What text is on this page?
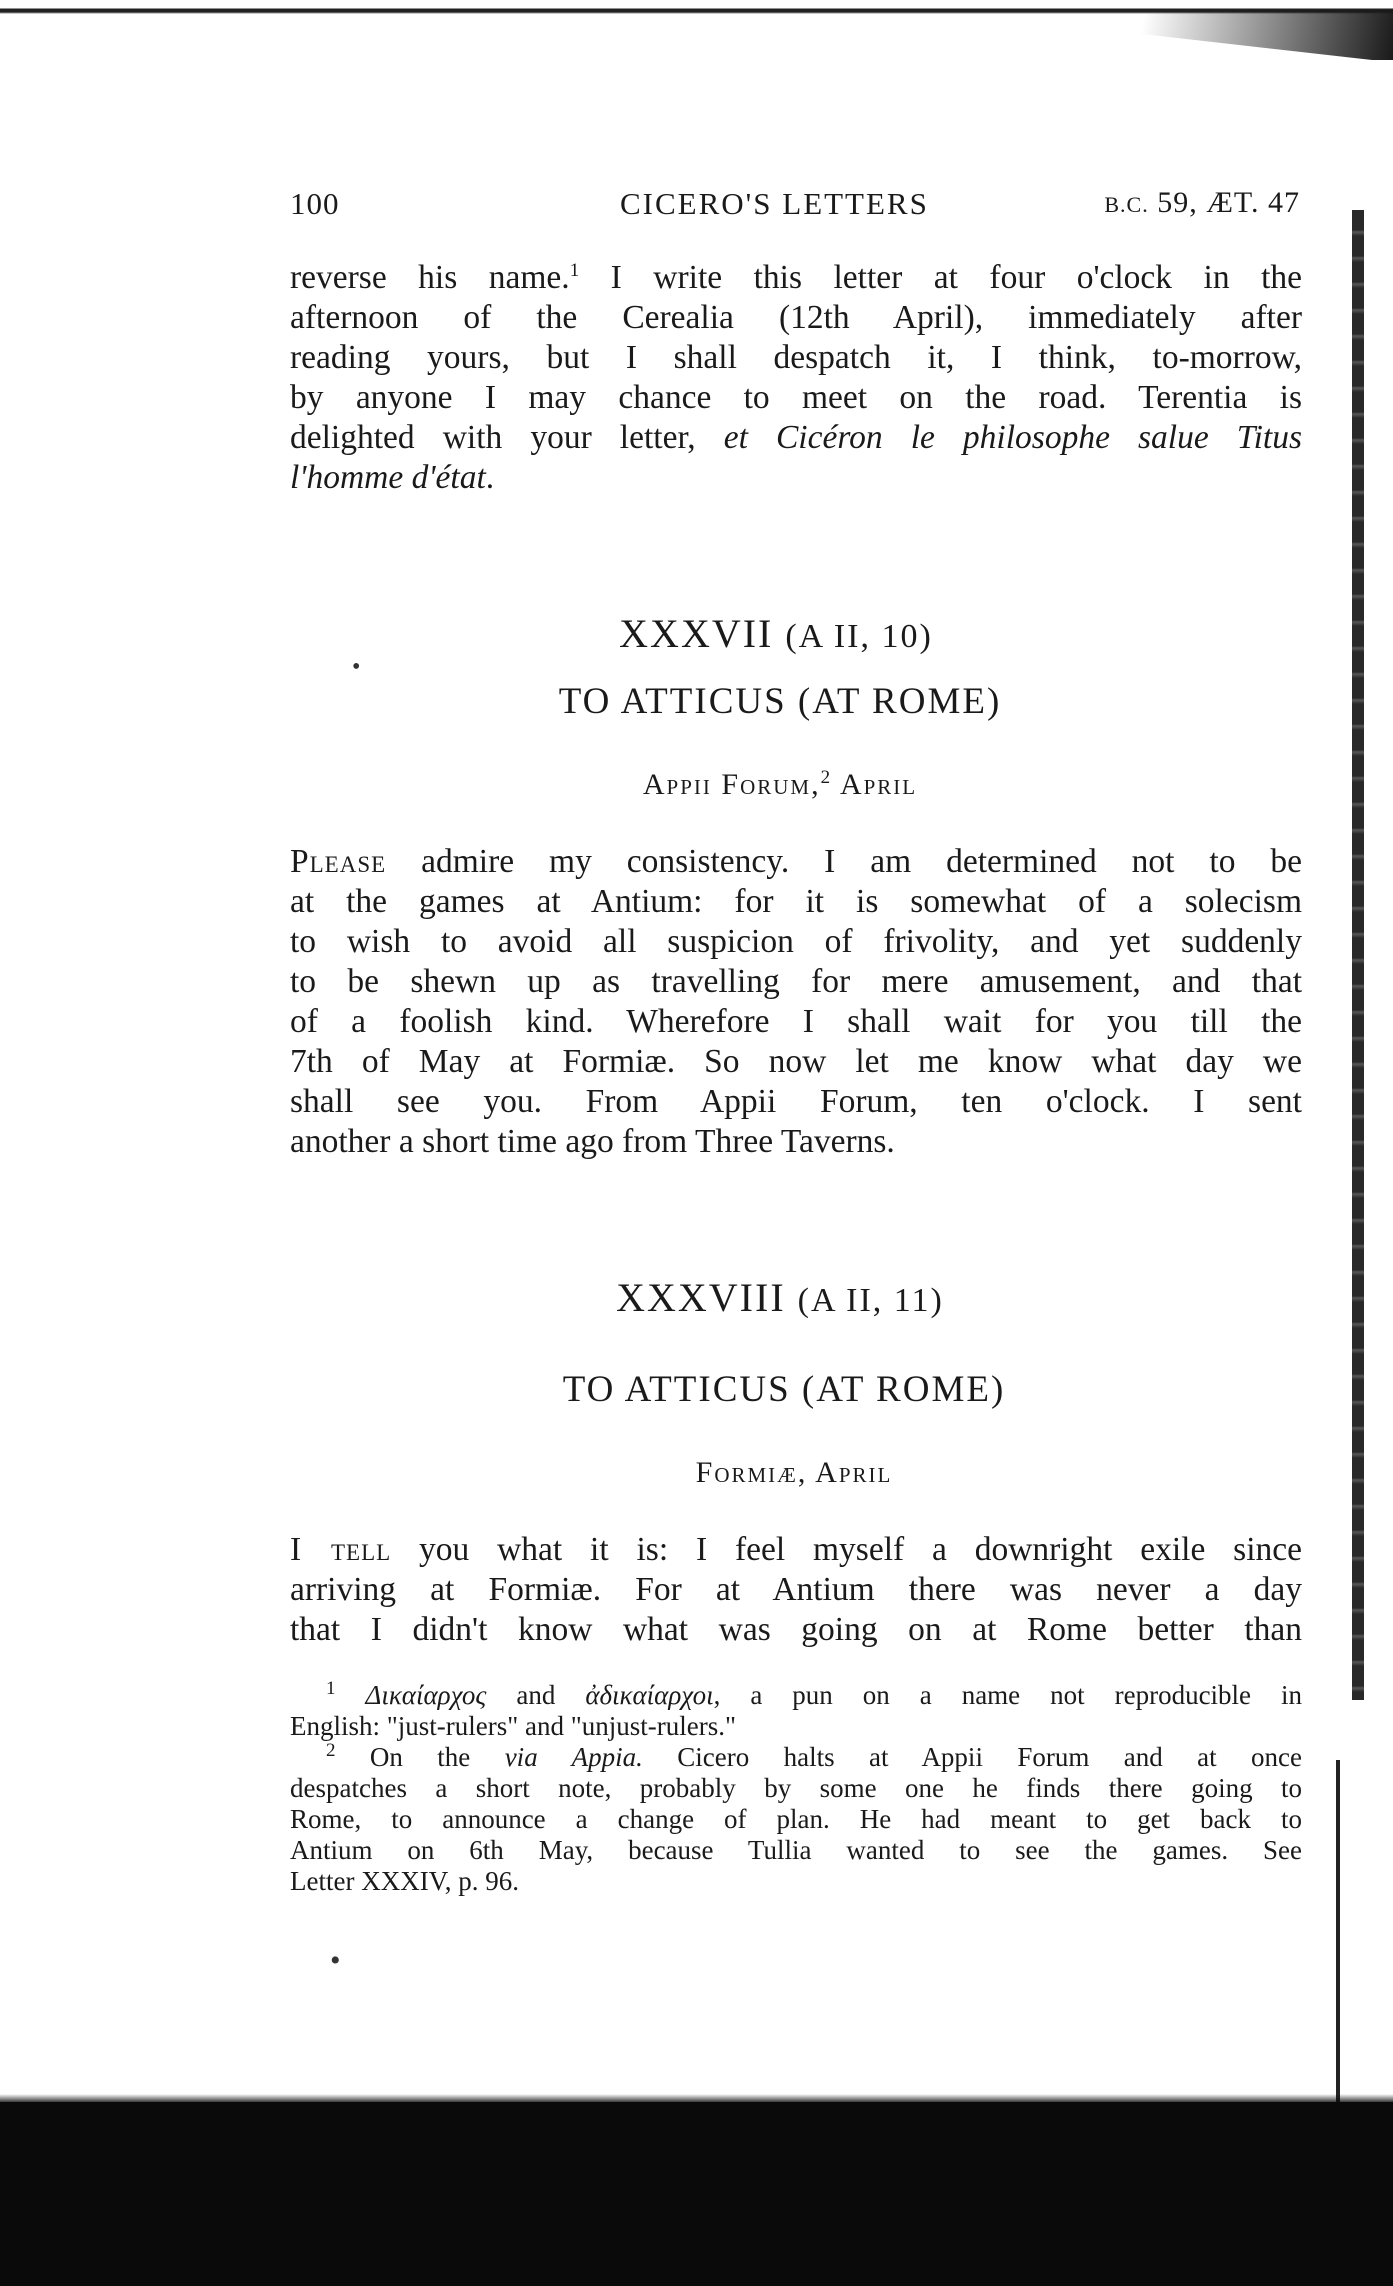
100	CICERO'S LETTERS	B.C. 59, ÆT. 47
reverse his name.$^1$ I write this letter at four o'clock in the
afternoon of the Cerealia (12th April), immediately after
reading yours, but I shall despatch it, I think, to-morrow,
by anyone I may chance to meet on the road. Terentia is
delighted with your letter, et Cicéron le philosophe salue Titus
l'homme d'état.
XXXVII (A II, 10)
•
TO ATTICUS (AT ROME)
Appii Forum,$^2$ April
Please admire my consistency. I am determined not to be
at the games at Antium: for it is somewhat of a solecism
to wish to avoid all suspicion of frivolity, and yet suddenly
to be shewn up as travelling for mere amusement, and that
of a foolish kind. Wherefore I shall wait for you till the
7th of May at Formiæ. So now let me know what day we
shall see you. From Appii Forum, ten o'clock. I sent
another a short time ago from Three Taverns.
XXXVIII (A II, 11)
TO ATTICUS (AT ROME)
Formiæ, April
I tell you what it is: I feel myself a downright exile since
arriving at Formiæ. For at Antium there was never a day
that I didn't know what was going on at Rome better than
$^1$ Δικαίαρχος and ἀδικαίαρχοι, a pun on a name not reproducible in
English: "just-rulers" and "unjust-rulers."
$^2$ On the via Appia. Cicero halts at Appii Forum and at once
despatches a short note, probably by some one he finds there going to
Rome, to announce a change of plan. He had meant to get back to
Antium on 6th May, because Tullia wanted to see the games. See
Letter XXXIV, p. 96.
•
